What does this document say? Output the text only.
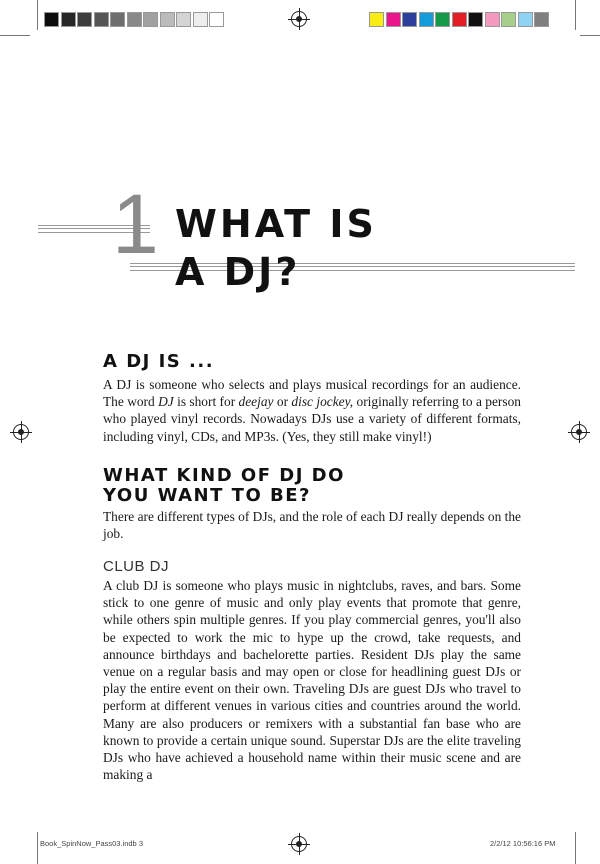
1 WHAT IS
A DJ?
A DJ IS ...
A DJ is someone who selects and plays musical recordings for an audience. The word DJ is short for deejay or disc jockey, originally referring to a person who played vinyl records. Nowadays DJs use a variety of different formats, including vinyl, CDs, and MP3s. (Yes, they still make vinyl!)
WHAT KIND OF DJ DO
YOU WANT TO BE?
There are different types of DJs, and the role of each DJ really depends on the job.
CLUB DJ
A club DJ is someone who plays music in nightclubs, raves, and bars. Some stick to one genre of music and only play events that promote that genre, while others spin multiple genres. If you play commercial genres, you'll also be expected to work the mic to hype up the crowd, take requests, and announce birthdays and bachelorette parties. Resident DJs play the same venue on a regular basis and may open or close for headlining guest DJs or play the entire event on their own. Traveling DJs are guest DJs who travel to perform at different venues in various cities and countries around the world. Many are also producers or remixers with a substantial fan base who are known to provide a certain unique sound. Superstar DJs are the elite traveling DJs who have achieved a household name within their music scene and are making a
Book_SpinNow_Pass03.indb 3	2/2/12 10:56:16 PM
